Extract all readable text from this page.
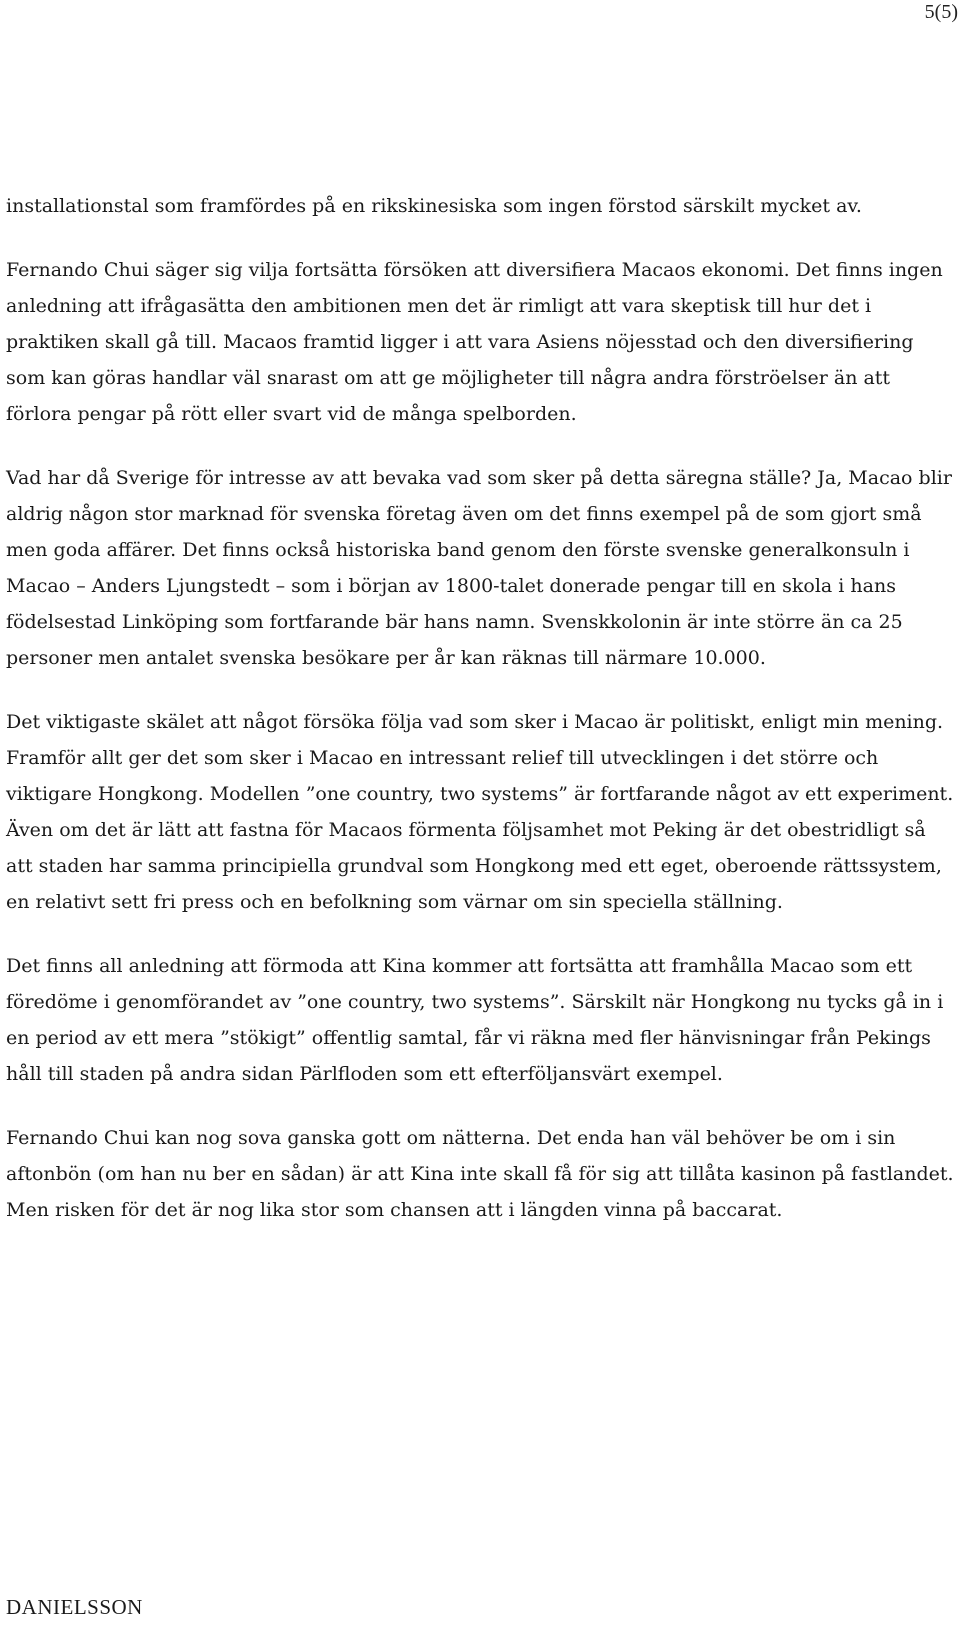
5(5)

installationstal som framfördes på en rikskinesiska som ingen förstod särskilt mycket av.

Fernando Chui säger sig vilja fortsätta försöken att diversifiera Macaos ekonomi. Det finns ingen anledning att ifrågasätta den ambitionen men det är rimligt att vara skeptisk till hur det i praktiken skall gå till. Macaos framtid ligger i att vara Asiens nöjesstad och den diversifiering som kan göras handlar väl snarast om att ge möjligheter till några andra förströelser än att förlora pengar på rött eller svart vid de många spelborden.

Vad har då Sverige för intresse av att bevaka vad som sker på detta säregna ställe? Ja, Macao blir aldrig någon stor marknad för svenska företag även om det finns exempel på de som gjort små men goda affärer. Det finns också historiska band genom den förste svenske generalkonsuln i Macao – Anders Ljungstedt – som i början av 1800-talet donerade pengar till en skola i hans födelsestad Linköping som fortfarande bär hans namn. Svenskkolonin är inte större än ca 25 personer men antalet svenska besökare per år kan räknas till närmare 10.000.

Det viktigaste skälet att något försöka följa vad som sker i Macao är politiskt, enligt min mening. Framför allt ger det som sker i Macao en intressant relief till utvecklingen i det större och viktigare Hongkong. Modellen ”one country, two systems” är fortfarande något av ett experiment. Även om det är lätt att fastna för Macaos förmenta följsamhet mot Peking är det obestridligt så att staden har samma principiella grundval som Hongkong med ett eget, oberoende rättssystem, en relativt sett fri press och en befolkning som värnar om sin speciella ställning.

Det finns all anledning att förmoda att Kina kommer att fortsätta att framhålla Macao som ett föredöme i genomförandet av ”one country, two systems”. Särskilt när Hongkong nu tycks gå in i en period av ett mera ”stökigt” offentlig samtal, får vi räkna med fler hänvisningar från Pekings håll till staden på andra sidan Pärlfloden som ett efterföljansvärt exempel.

Fernando Chui kan nog sova ganska gott om nätterna. Det enda han väl behöver be om i sin aftonbön (om han nu ber en sådan) är att Kina inte skall få för sig att tillåta kasinon på fastlandet. Men risken för det är nog lika stor som chansen att i längden vinna på baccarat.

DANIELSSON
